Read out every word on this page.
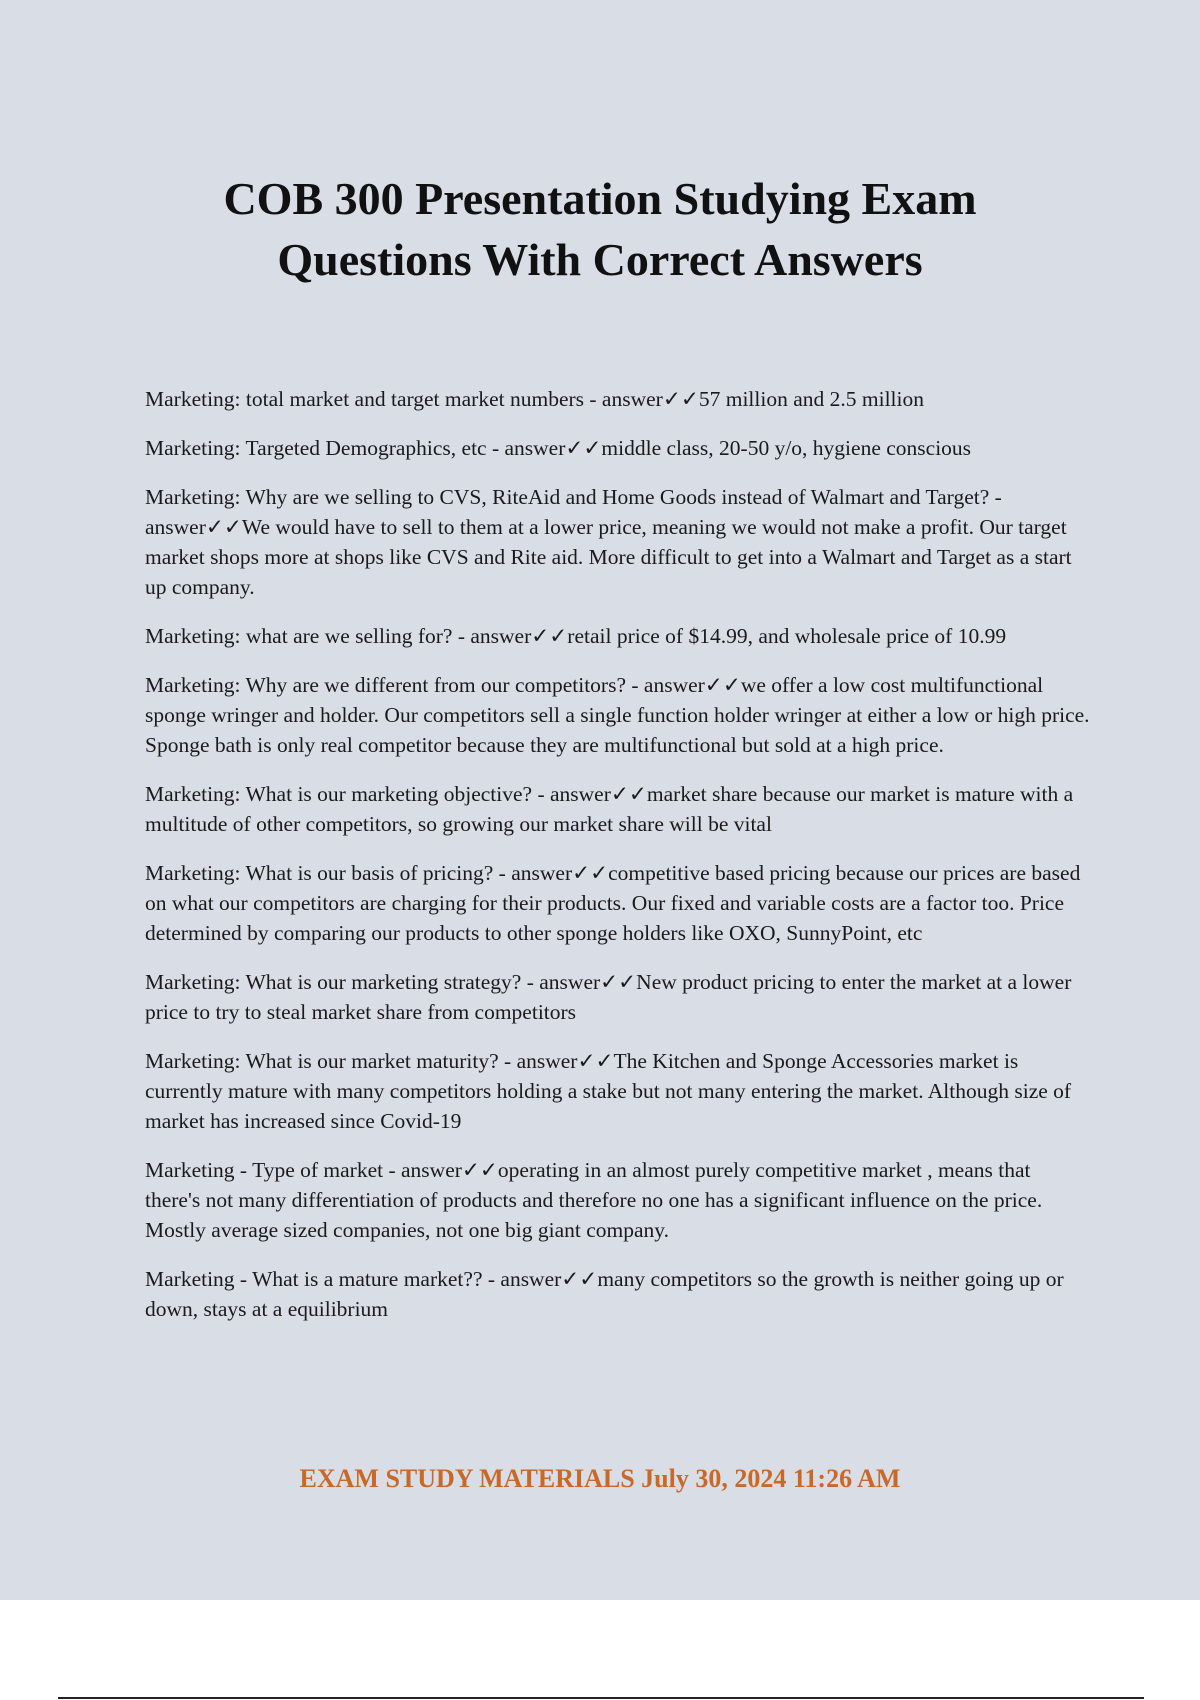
COB 300 Presentation Studying Exam
Questions With Correct Answers
Marketing: total market and target market numbers - answer✓✓57 million and 2.5 million
Marketing: Targeted Demographics, etc - answer✓✓middle class, 20-50 y/o, hygiene conscious
Marketing: Why are we selling to CVS, RiteAid and Home Goods instead of Walmart and Target? - answer✓✓We would have to sell to them at a lower price, meaning we would not make a profit. Our target market shops more at shops like CVS and Rite aid. More difficult to get into a Walmart and Target as a start up company.
Marketing: what are we selling for? - answer✓✓retail price of $14.99, and wholesale price of 10.99
Marketing: Why are we different from our competitors? - answer✓✓we offer a low cost multifunctional sponge wringer and holder. Our competitors sell a single function holder wringer at either a low or high price. Sponge bath is only real competitor because they are multifunctional but sold at a high price.
Marketing: What is our marketing objective? - answer✓✓market share because our market is mature with a multitude of other competitors, so growing our market share will be vital
Marketing: What is our basis of pricing? - answer✓✓competitive based pricing because our prices are based on what our competitors are charging for their products. Our fixed and variable costs are a factor too. Price determined by comparing our products to other sponge holders like OXO, SunnyPoint, etc
Marketing: What is our marketing strategy? - answer✓✓New product pricing to enter the market at a lower price to try to steal market share from competitors
Marketing: What is our market maturity? - answer✓✓The Kitchen and Sponge Accessories market is currently mature with many competitors holding a stake but not many entering the market. Although size of market has increased since Covid-19
Marketing - Type of market - answer✓✓operating in an almost purely competitive market , means that there's not many differentiation of products and therefore no one has a significant influence on the price. Mostly average sized companies, not one big giant company.
Marketing - What is a mature market?? - answer✓✓many competitors so the growth is neither going up or down, stays at a equilibrium

EXAM STUDY MATERIALS July 30, 2024 11:26 AM
